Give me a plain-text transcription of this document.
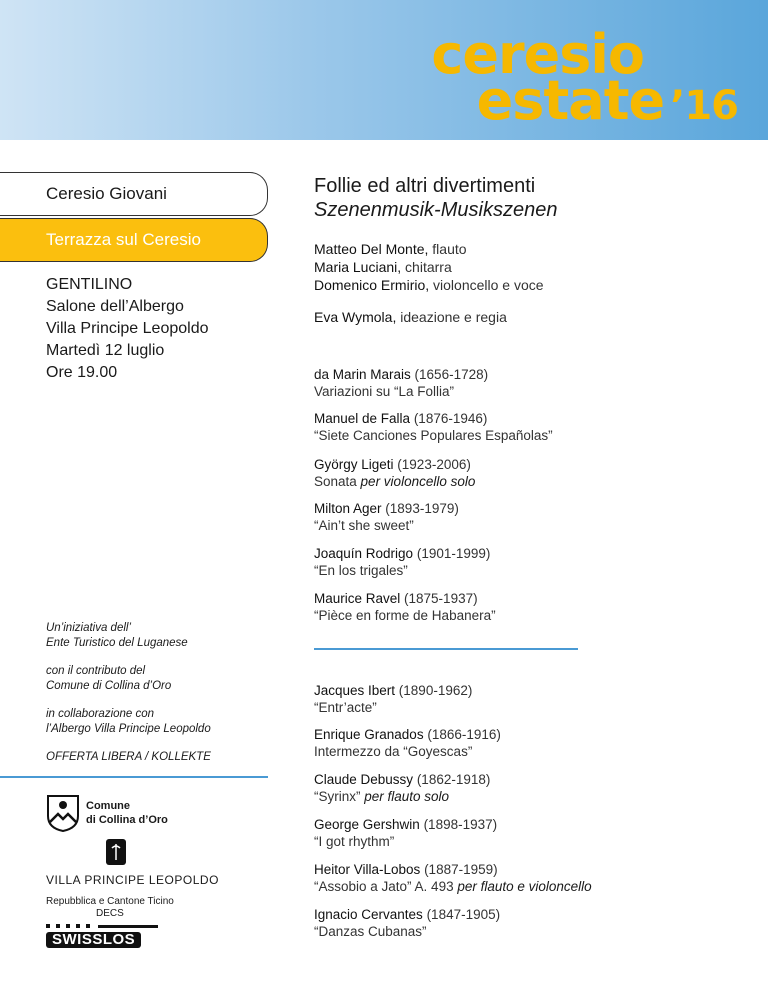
ceresio
estate ’16
Ceresio Giovani
Terrazza sul Ceresio
GENTILINO
Salone dell’Albergo
Villa Principe Leopoldo
Martedì 12 luglio
Ore 19.00

Un’iniziativa dell’
Ente Turistico del Luganese

con il contributo del
Comune di Collina d’Oro

in collaborazione con
l’Albergo Villa Principe Leopoldo

OFFERTA LIBERA / KOLLEKTE

Comune
di Collina d’Oro
VILLA PRINCIPE LEOPOLDO
Repubblica e Cantone Ticino
DECS
SWISSLOS
Follie ed altri divertimenti
Szenenmusik-Musikszenen
Matteo Del Monte, flauto
Maria Luciani, chitarra
Domenico Ermirio, violoncello e voce
Eva Wymola, ideazione e regia
da Marin Marais (1656-1728)
Variazioni su “La Follia”
Manuel de Falla (1876-1946)
“Siete Canciones Populares Españolas”
György Ligeti (1923-2006)
Sonata per violoncello solo
Milton Ager (1893-1979)
“Ain’t she sweet”
Joaquín Rodrigo (1901-1999)
“En los trigales”
Maurice Ravel (1875-1937)
“Pièce en forme de Habanera”
Jacques Ibert (1890-1962)
“Entr’acte”
Enrique Granados (1866-1916)
Intermezzo da “Goyescas”
Claude Debussy (1862-1918)
“Syrinx” per flauto solo
George Gershwin (1898-1937)
“I got rhythm”
Heitor Villa-Lobos (1887-1959)
“Assobio a Jato” A. 493 per flauto e violoncello
Ignacio Cervantes (1847-1905)
“Danzas Cubanas”
